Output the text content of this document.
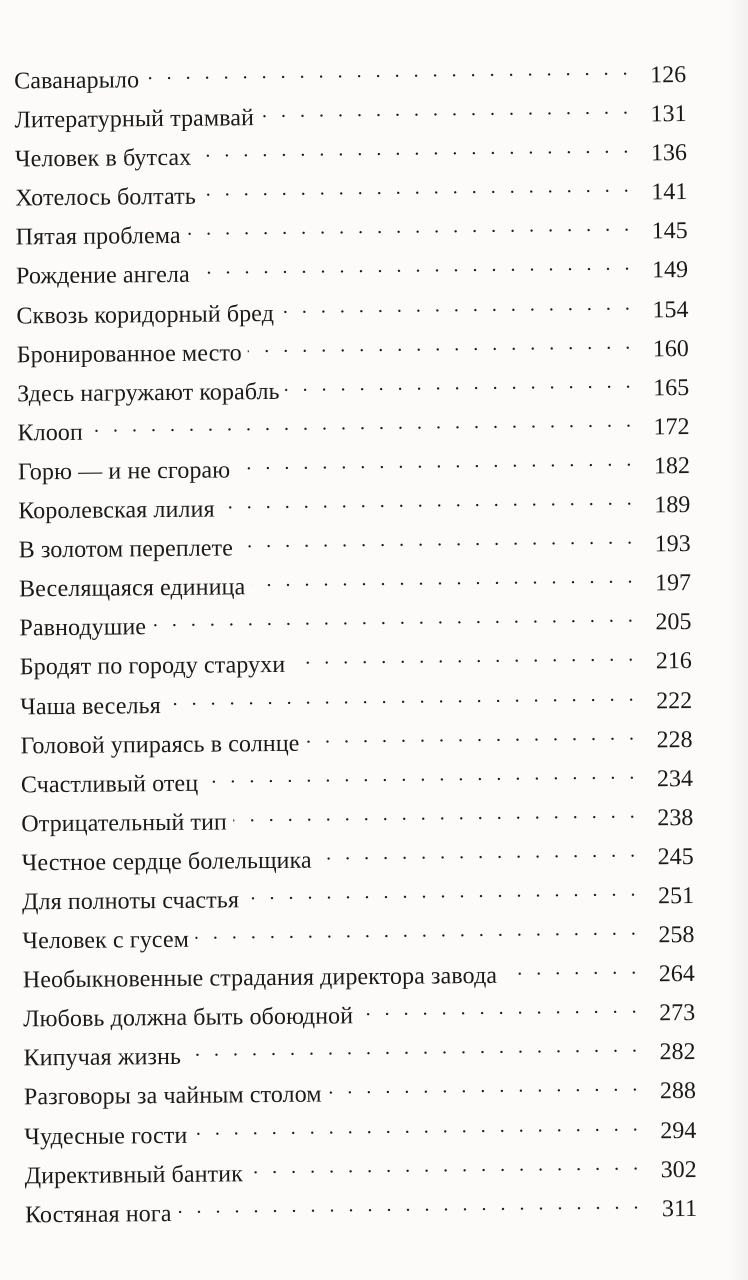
Саванарыло . . .	126
Литературный трамвай . . .	131
Человек в бутсах . . .	136
Хотелось болтать . . .	141
Пятая проблема . . .	145
Рождение ангела . . .	149
Сквозь коридорный бред . . .	154
Бронированное место . . .	160
Здесь нагружают корабль . . .	165
Клооп . . .	172
Горю — и не сгораю . . .	182
Королевская лилия . . .	189
В золотом переплете . . .	193
Веселящаяся единица . . .	197
Равнодушие . . .	205
Бродят по городу старухи . . .	216
Чаша веселья . . .	222
Головой упираясь в солнце . . .	228
Счастливый отец . . .	234
Отрицательный тип . . .	238
Честное сердце болельщика . . .	245
Для полноты счастья . . .	251
Человек с гусем . . .	258
Необыкновенные страдания директора завода . . .	264
Любовь должна быть обоюдной . . .	273
Кипучая жизнь . . .	282
Разговоры за чайным столом . . .	288
Чудесные гости . . .	294
Директивный бантик . . .	302
Костяная нога . . .	311
